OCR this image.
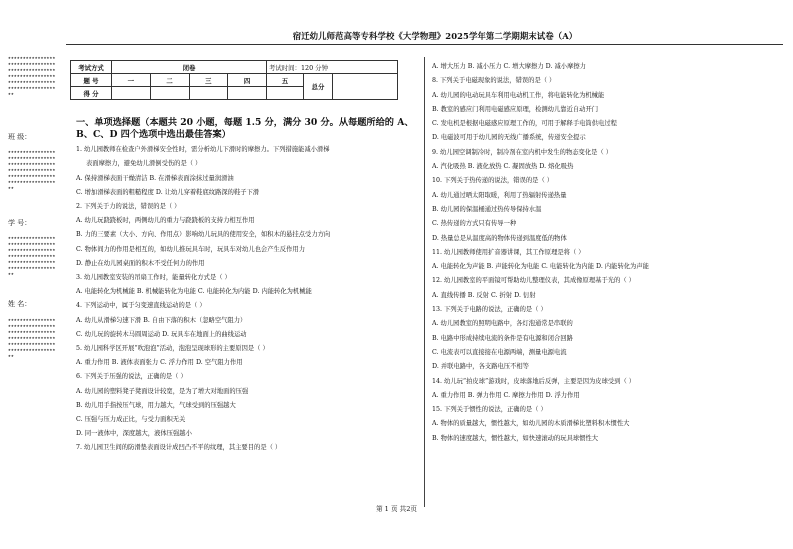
宿迁幼儿师范高等专科学校《大学物理》2025学年第二学期期末试卷（A）
★★★★★★★★★★★★★★★★★★★★★★★★★★★★★★★★★★★★★★★★★★★★★★★★★★★★★★★★★★★★★★★★★★★★★★★★★★★★★★★★★★★★★★★★★★★★★★★★★★
班 级：
★★★★★★★★★★★★★★★★★★★★★★★★★★★★★★★★★★★★★★★★★★★★★★★★★★★★★★★★★★★★★★★★★★★★★★★★★★★★★★★★★★★★★★★★★★★★★★★★★★
学 号：
★★★★★★★★★★★★★★★★★★★★★★★★★★★★★★★★★★★★★★★★★★★★★★★★★★★★★★★★★★★★★★★★★★★★★★★★★★★★★★★★★★★★★★★★★★★★★★★★★★
姓 名：
★★★★★★★★★★★★★★★★★★★★★★★★★★★★★★★★★★★★★★★★★★★★★★★★★★★★★★★★★★★★★★★★★★★★★★★★★★★★★★★★★★★★★★★★★★★★★★★★★★
考试方式	闭卷				考试时间：120 分钟		
题 号	一	二	三	四	五	总分	
得 分							
一、单项选择题（本题共 20 小题，每题 1.5 分，满分 30 分。从每题所给的 A、B、C、D 四个选项中选出最佳答案）

1. 幼儿园教师在检查户外滑梯安全性时，需分析幼儿下滑时的摩擦力。下列措施能减小滑梯

表面摩擦力，避免幼儿滑倒受伤的是（ ）

A. 保持滑梯表面干燥清洁 B. 在滑梯表面涂抹过量润滑油

C. 增加滑梯表面的粗糙程度 D. 让幼儿穿着鞋底纹路深的鞋子下滑

2. 下列关于力的说法，错误的是（ ）

A. 幼儿玩跷跷板时，两侧幼儿的重力与跷跷板的支持力相互作用

B. 力的三要素（大小、方向、作用点）影响幼儿玩具的使用安全，如积木的悬挂点受力方向

C. 物体间力的作用是相互的，如幼儿推玩具车时，玩具车对幼儿也会产生反作用力

D. 静止在幼儿园桌面的积木不受任何力的作用

3. 幼儿园教室安装的吊扇工作时，能量转化方式是（ ）

A. 电能转化为机械能 B. 机械能转化为电能 C. 电能转化为内能 D. 内能转化为机械能

4. 下列运动中，属于匀变速直线运动的是（ ）

A. 幼儿从滑梯匀速下滑 B. 自由下落的积木（忽略空气阻力）

C. 幼儿玩的旋转木马圆周运动 D. 玩具车在地面上的曲线运动

5. 幼儿园科学区开展“吹泡泡”活动，泡泡呈现球形的主要原因是（ ）

A. 重力作用 B. 液体表面张力 C. 浮力作用 D. 空气阻力作用

6. 下列关于压强的说法，正确的是（ ）

A. 幼儿园的塑料凳子凳面设计较宽，是为了增大对地面的压强

B. 幼儿用手指按压气球，用力越大，气球受到的压强越大

C. 压强与压力成正比，与受力面积无关

D. 同一液体中，深度越大，液体压强越小

7. 幼儿园卫生间的防滑垫表面设计成凹凸不平的纹理，其主要目的是（ ）

A. 增大压力 B. 减小压力 C. 增大摩擦力 D. 减小摩擦力

8. 下列关于电磁现象的说法，错误的是（ ）

A. 幼儿园的电动玩具车利用电动机工作，将电能转化为机械能

B. 教室的感应门利用电磁感应原理，检测幼儿靠近自动开门

C. 发电机是根据电磁感应原理工作的，可用于解释手电筒供电过程

D. 电磁波可用于幼儿园的无线广播系统，传递安全提示

9. 幼儿园空调制冷时，制冷剂在室内机中发生的物态变化是（ ）

A. 汽化吸热 B. 液化放热 C. 凝固放热 D. 熔化吸热

10. 下列关于热传递的说法，错误的是（ ）

A. 幼儿通过晒太阳取暖，利用了热辐射传递热量

B. 幼儿园的保温桶通过热传导保持水温

C. 热传递的方式只有传导一种

D. 热量总是从温度高的物体传递到温度低的物体

11. 幼儿园教师使用扩音器讲课，其工作原理是将（ ）

A. 电能转化为声能 B. 声能转化为电能 C. 电能转化为内能 D. 内能转化为声能

12. 幼儿园教室的平面镜可帮助幼儿整理仪表，其成像原理基于光的（ ）

A. 直线传播 B. 反射 C. 折射 D. 衍射

13. 下列关于电路的说法，正确的是（ ）

A. 幼儿园教室的照明电路中，各灯泡通常是串联的

B. 电路中形成持续电流的条件是有电源和闭合回路

C. 电流表可以直接接在电源两端，测量电源电流

D. 并联电路中，各支路电压不相等

14. 幼儿玩“拍皮球”游戏时，皮球落地后反弹，主要是因为皮球受到（ ）

A. 重力作用 B. 弹力作用 C. 摩擦力作用 D. 浮力作用

15. 下列关于惯性的说法，正确的是（ ）

A. 物体的质量越大，惯性越大，如幼儿园的木质滑梯比塑料积木惯性大

B. 物体的速度越大，惯性越大，如快速滚动的玩具球惯性大

第 1 页 共2页
